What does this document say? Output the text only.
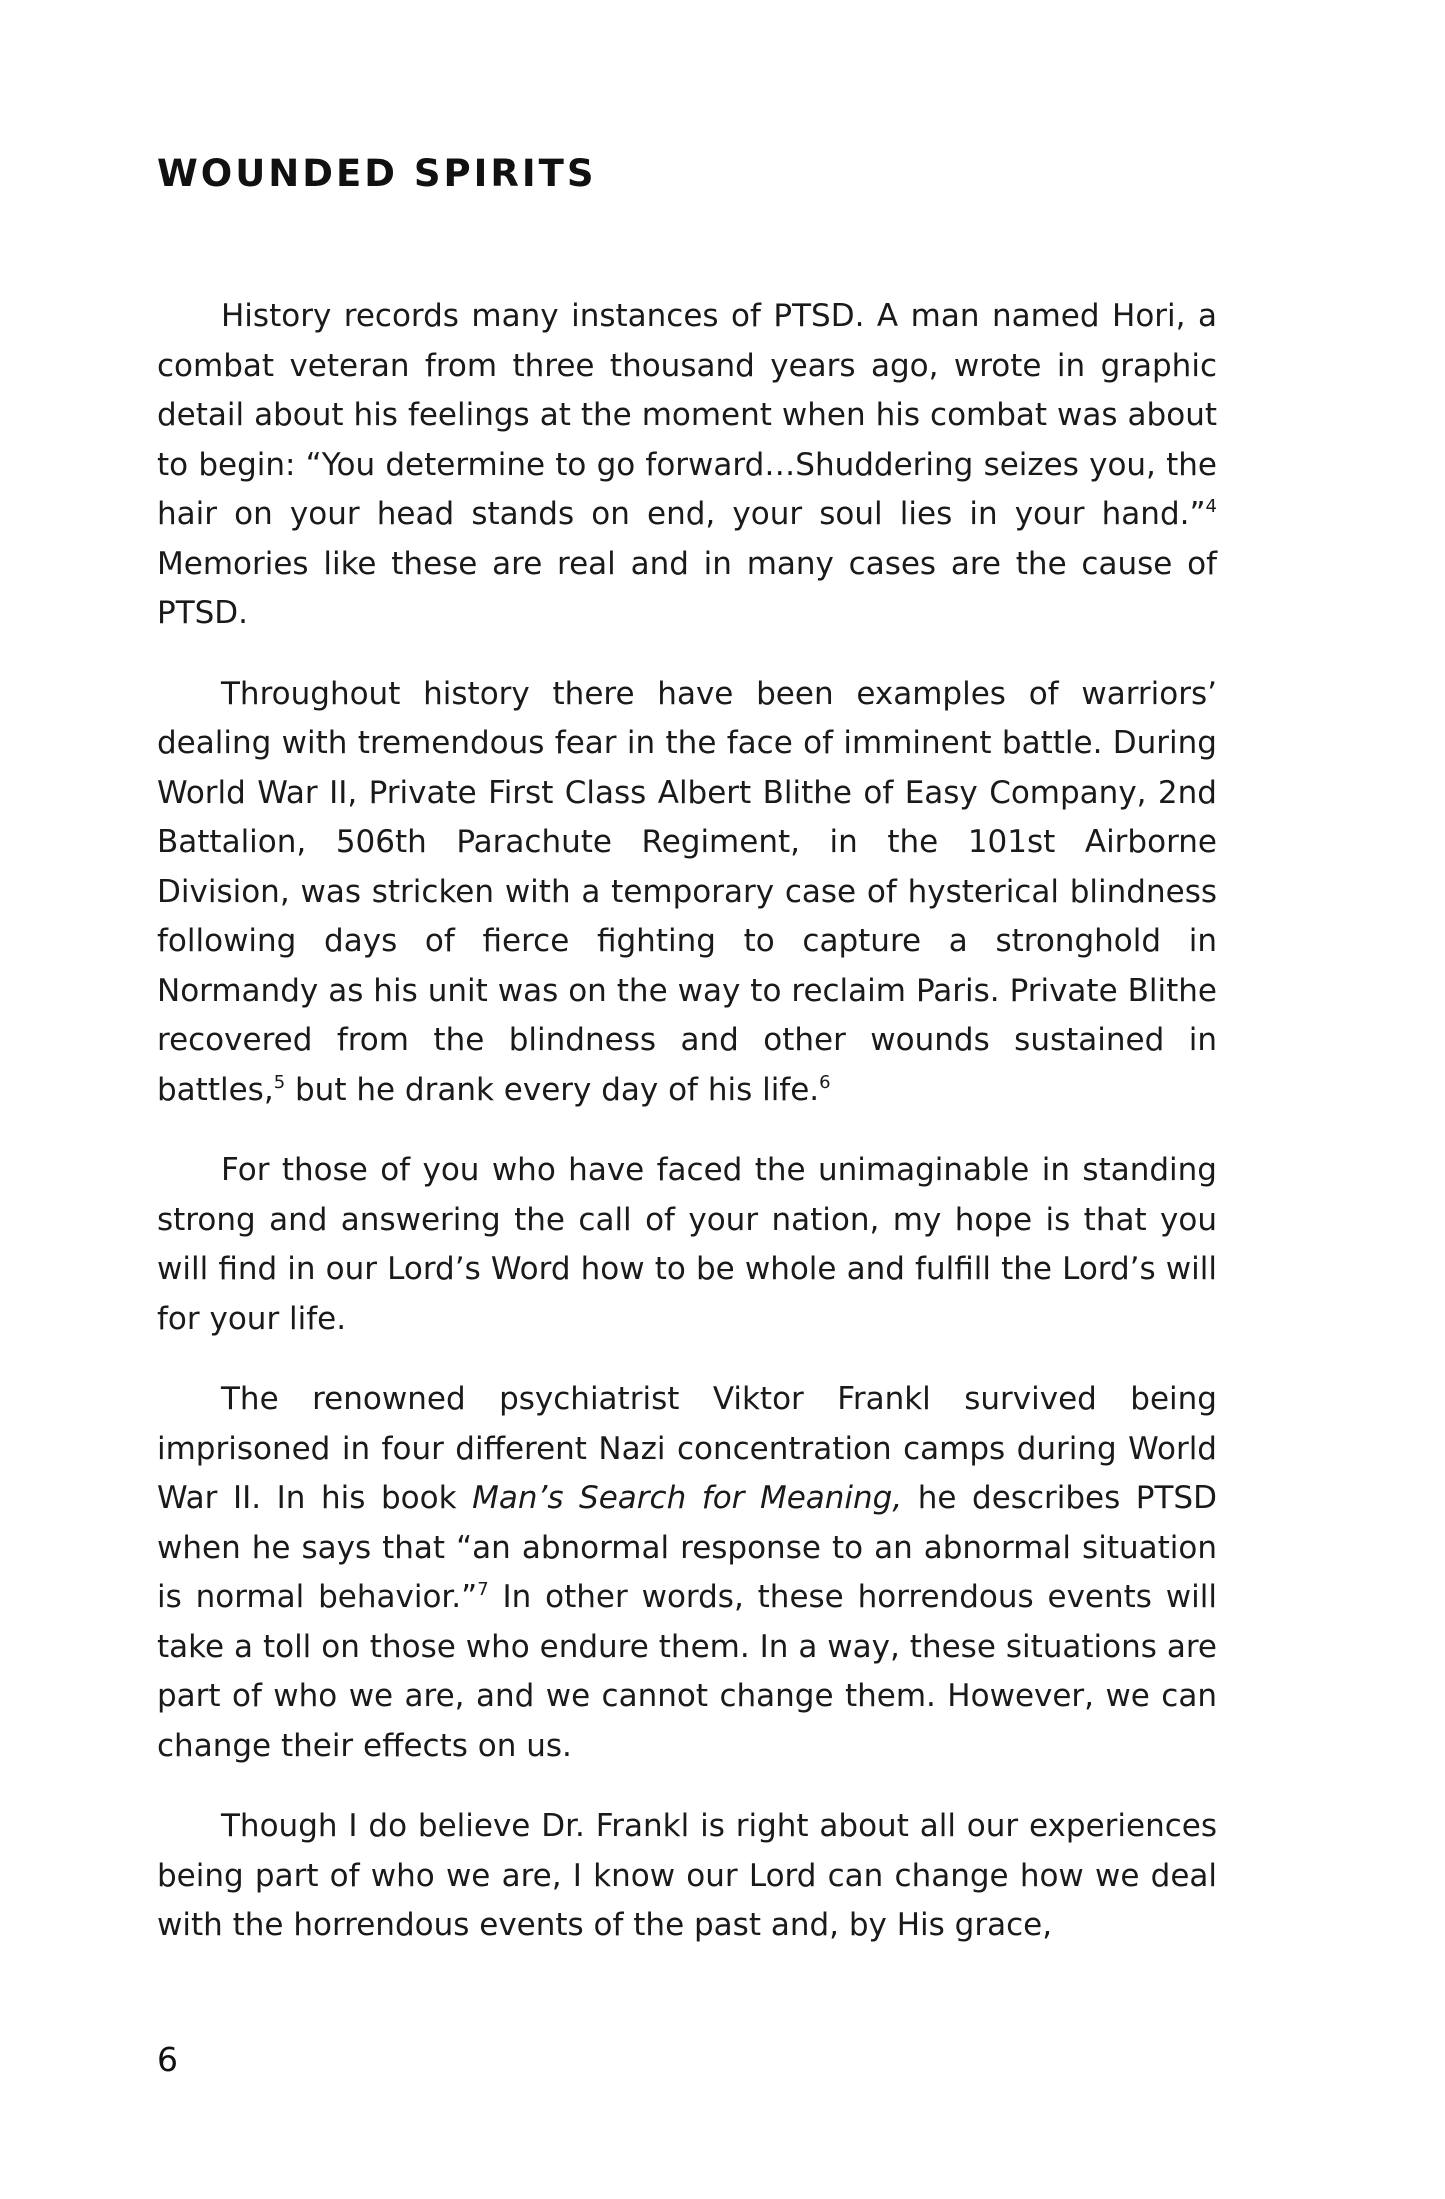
WOUNDED SPIRITS

History records many instances of PTSD. A man named Hori, a combat veteran from three thousand years ago, wrote in graphic detail about his feelings at the moment when his combat was about to begin: “You determine to go forward…Shuddering seizes you, the hair on your head stands on end, your soul lies in your hand.”$^4$ Memories like these are real and in many cases are the cause of PTSD.

Throughout history there have been examples of warriors’ dealing with tremendous fear in the face of imminent battle. During World War II, Private First Class Albert Blithe of Easy Company, 2nd Battalion, 506th Parachute Regiment, in the 101st Airborne Division, was stricken with a temporary case of hysterical blindness following days of fierce fighting to capture a stronghold in Normandy as his unit was on the way to reclaim Paris. Private Blithe recovered from the blindness and other wounds sustained in battles,$^5$ but he drank every day of his life.$^6$

For those of you who have faced the unimaginable in standing strong and answering the call of your nation, my hope is that you will find in our Lord’s Word how to be whole and fulfill the Lord’s will for your life.

The renowned psychiatrist Viktor Frankl survived being imprisoned in four different Nazi concentration camps during World War II. In his book Man’s Search for Meaning, he describes PTSD when he says that “an abnormal response to an abnormal situation is normal behavior.”$^7$ In other words, these horrendous events will take a toll on those who endure them. In a way, these situations are part of who we are, and we cannot change them. However, we can change their effects on us.

Though I do believe Dr. Frankl is right about all our experiences being part of who we are, I know our Lord can change how we deal with the horrendous events of the past and, by His grace,

6
